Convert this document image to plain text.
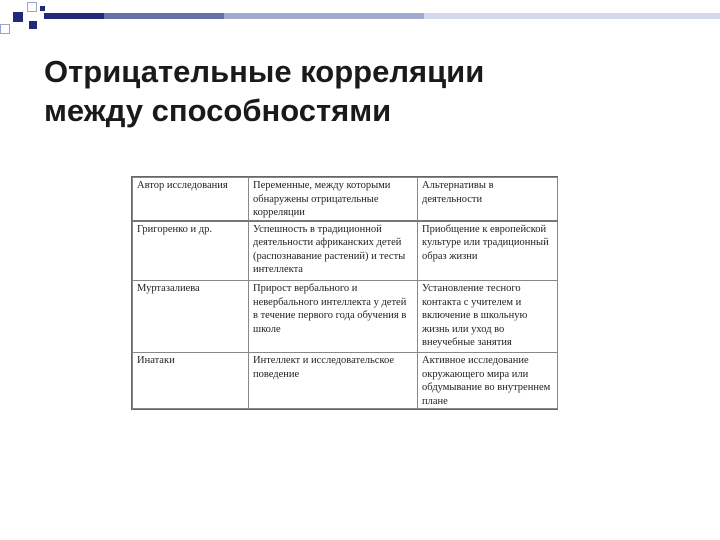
Отрицательные корреляции
между способностями
Автор исследования	Переменные, между которыми обнаружены отрицательные корреляции	Альтернативы в деятельности
Григоренко и др.	Успешность в традиционной деятельности африканских детей (распознавание растений) и тесты интеллекта	Приобщение к европейской культуре или традиционный образ жизни
Муртазалиева	Прирост вербального и невербального интеллекта у детей в течение первого года обучения в школе	Установление тесного контакта с учителем и включение в школьную жизнь или уход во внеучебные занятия
Инатаки	Интеллект и исследовательское поведение	Активное исследование окружающего мира или обдумывание во внутреннем плане
